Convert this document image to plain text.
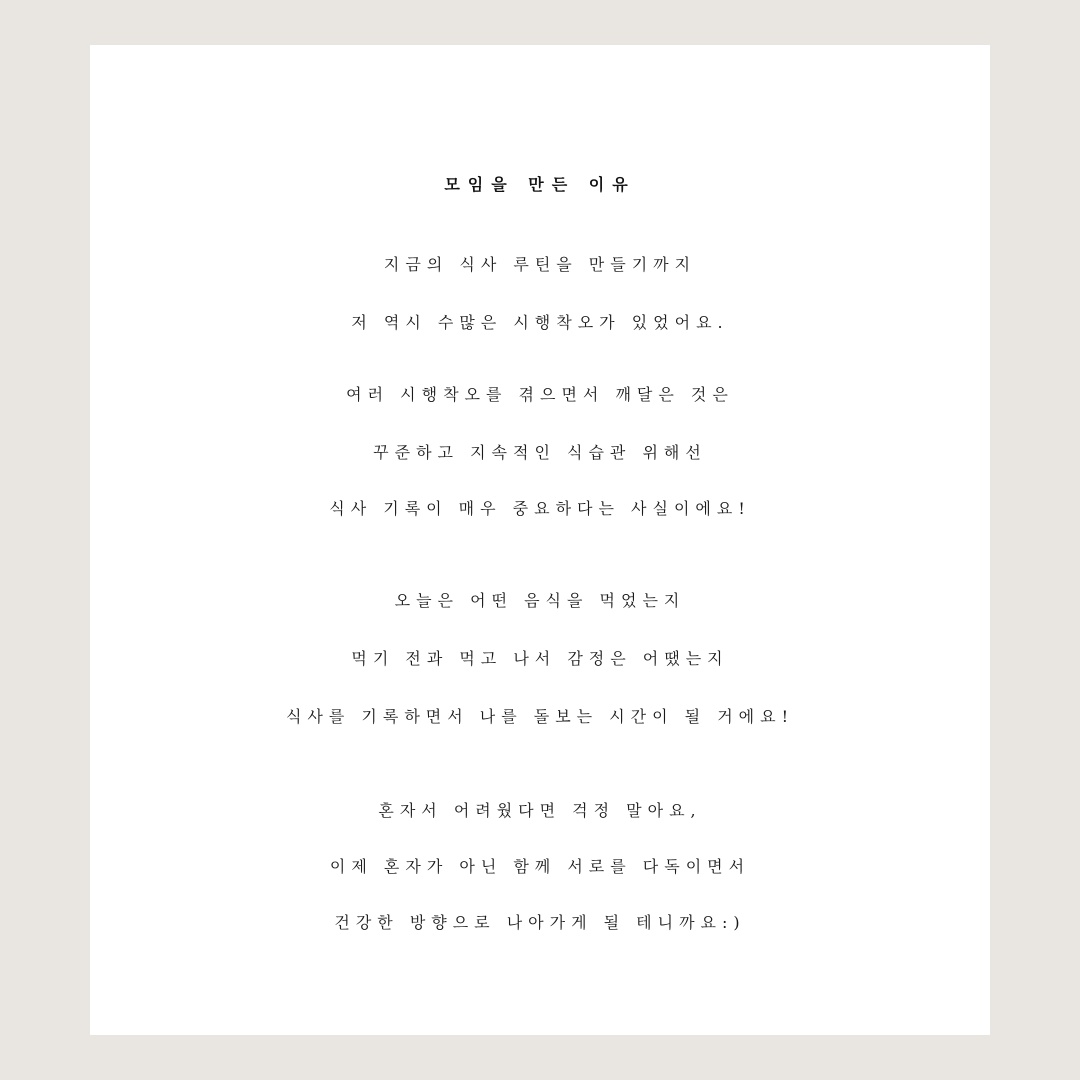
모임을 만든 이유
지금의 식사 루틴을 만들기까지
저 역시 수많은 시행착오가 있었어요.
여러 시행착오를 겪으면서 깨달은 것은
꾸준하고 지속적인 식습관 위해선
식사 기록이 매우 중요하다는 사실이에요!
오늘은 어떤 음식을 먹었는지
먹기 전과 먹고 나서 감정은 어땠는지
식사를 기록하면서 나를 돌보는 시간이 될 거에요!
혼자서 어려웠다면 걱정 말아요,
이제 혼자가 아닌 함께 서로를 다독이면서
건강한 방향으로 나아가게 될 테니까요:)
